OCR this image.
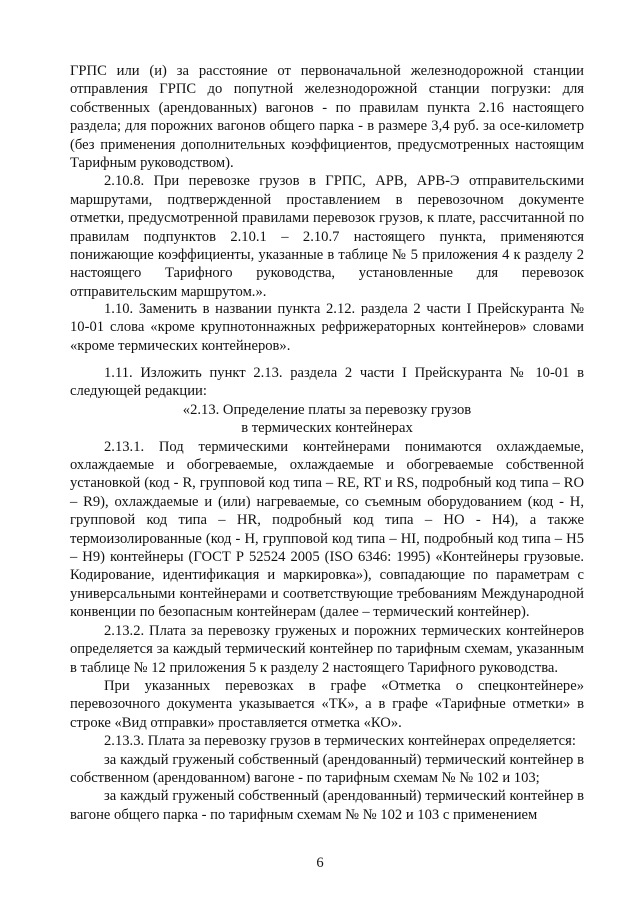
ГРПС или (и) за расстояние от первоначальной железнодорожной станции отправления ГРПС до попутной железнодорожной станции погрузки: для собственных (арендованных) вагонов - по правилам пункта 2.16 настоящего раздела; для порожних вагонов общего парка - в размере 3,4 руб. за осе-километр (без применения дополнительных коэффициентов, предусмотренных настоящим Тарифным руководством).

2.10.8. При перевозке грузов в ГРПС, АРВ, АРВ-Э отправительскими маршрутами, подтвержденной проставлением в перевозочном документе отметки, предусмотренной правилами перевозок грузов, к плате, рассчитанной по правилам подпунктов 2.10.1 – 2.10.7 настоящего пункта, применяются понижающие коэффициенты, указанные в таблице № 5 приложения 4 к разделу 2 настоящего Тарифного руководства, установленные для перевозок отправительским маршрутом.».

1.10. Заменить в названии пункта 2.12. раздела 2 части I Прейскуранта № 10-01 слова «кроме крупнотоннажных рефрижераторных контейнеров» словами «кроме термических контейнеров».

1.11. Изложить пункт 2.13. раздела 2 части I Прейскуранта № 10-01 в следующей редакции:

«2.13. Определение платы за перевозку грузов

в термических контейнерах

2.13.1. Под термическими контейнерами понимаются охлаждаемые, охлаждаемые и обогреваемые, охлаждаемые и обогреваемые собственной установкой (код - R, групповой код типа – RE, RT и RS, подробный код типа – RO – R9), охлаждаемые и (или) нагреваемые, со съемным оборудованием (код - H, групповой код типа – HR, подробный код типа – HO - H4), а также термоизолированные (код - H, групповой код типа – HI, подробный код типа – H5 – H9) контейнеры (ГОСТ Р 52524 2005 (ISO 6346: 1995) «Контейнеры грузовые. Кодирование, идентификация и маркировка»), совпадающие по параметрам с универсальными контейнерами и соответствующие требованиям Международной конвенции по безопасным контейнерам (далее – термический контейнер).

2.13.2. Плата за перевозку груженых и порожних термических контейнеров определяется за каждый термический контейнер по тарифным схемам, указанным в таблице № 12 приложения 5 к разделу 2 настоящего Тарифного руководства.

При указанных перевозках в графе «Отметка о спецконтейнере» перевозочного документа указывается «ТК», а в графе «Тарифные отметки» в строке «Вид отправки» проставляется отметка «КО».

2.13.3. Плата за перевозку грузов в термических контейнерах определяется:

за каждый груженый собственный (арендованный) термический контейнер в собственном (арендованном) вагоне - по тарифным схемам № № 102 и 103;

за каждый груженый собственный (арендованный) термический контейнер в вагоне общего парка - по тарифным схемам № № 102 и 103 с применением

6
